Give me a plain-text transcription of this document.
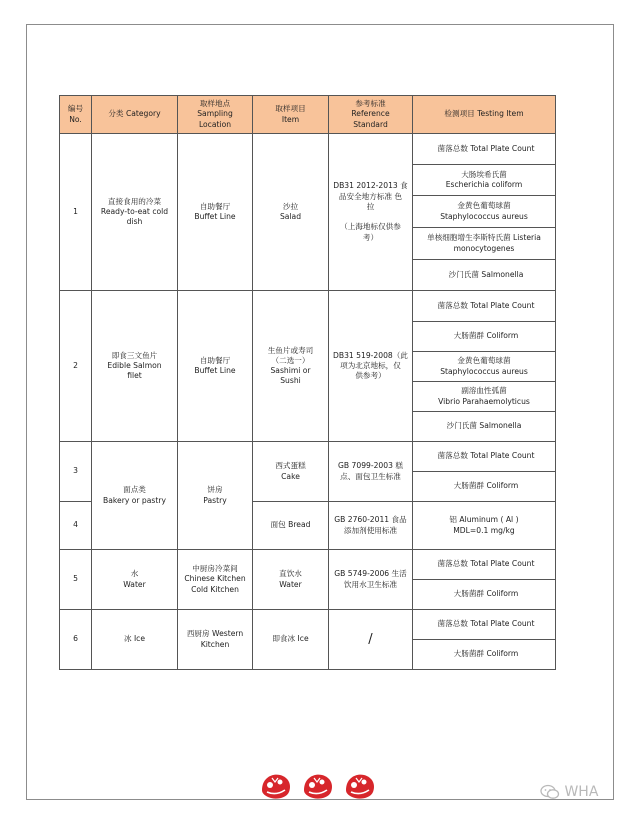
编号
No.	分类 Category	取样地点
Sampling
Location	取样项目
Item	参考标准
Reference
Standard	检测项目 Testing Item

1	直接食用的冷菜
Ready-to-eat cold
dish	自助餐厅
Buffet Line	沙拉
Salad	DB31 2012-2013 食
品安全地方标准 色
拉

（上海地标仅供参
考）	菌落总数 Total Plate Count

					大肠埃希氏菌
Escherichia coliform

					金黄色葡萄球菌
Staphylococcus aureus

					单核细胞增生李斯特氏菌 Listeria
monocytogenes

					沙门氏菌 Salmonella
2	即食三文鱼片
Edible Salmon
filet	自助餐厅
Buffet Line	生鱼片或寿司
（二选一）
Sashimi or
Sushi	DB31 519-2008（此
项为北京地标，仅
供参考）	菌落总数 Total Plate Count
					大肠菌群 Coliform

					金黄色葡萄球菌
Staphylococcus aureus

					副溶血性弧菌
Vibrio Parahaemolyticus

					沙门氏菌 Salmonella
3	面点类
Bakery or pastry	饼房
Pastry	西式蛋糕
Cake	GB 7099-2003 糕
点、面包卫生标准	菌落总数 Total Plate Count
					大肠菌群 Coliform
4			面包 Bread	GB 2760-2011 食品
添加剂使用标准	铝 Aluminum ( Al )
MDL=0.1 mg/kg

5	水
Water	中厨房冷菜间
Chinese Kitchen
Cold Kitchen	直饮水
Water	GB 5749-2006 生活
饮用水卫生标准	菌落总数 Total Plate Count
					大肠菌群 Coliform
6	冰 Ice	西厨房 Western
Kitchen	即食冰 Ice	/	菌落总数 Total Plate Count
					大肠菌群 Coliform
WHA
